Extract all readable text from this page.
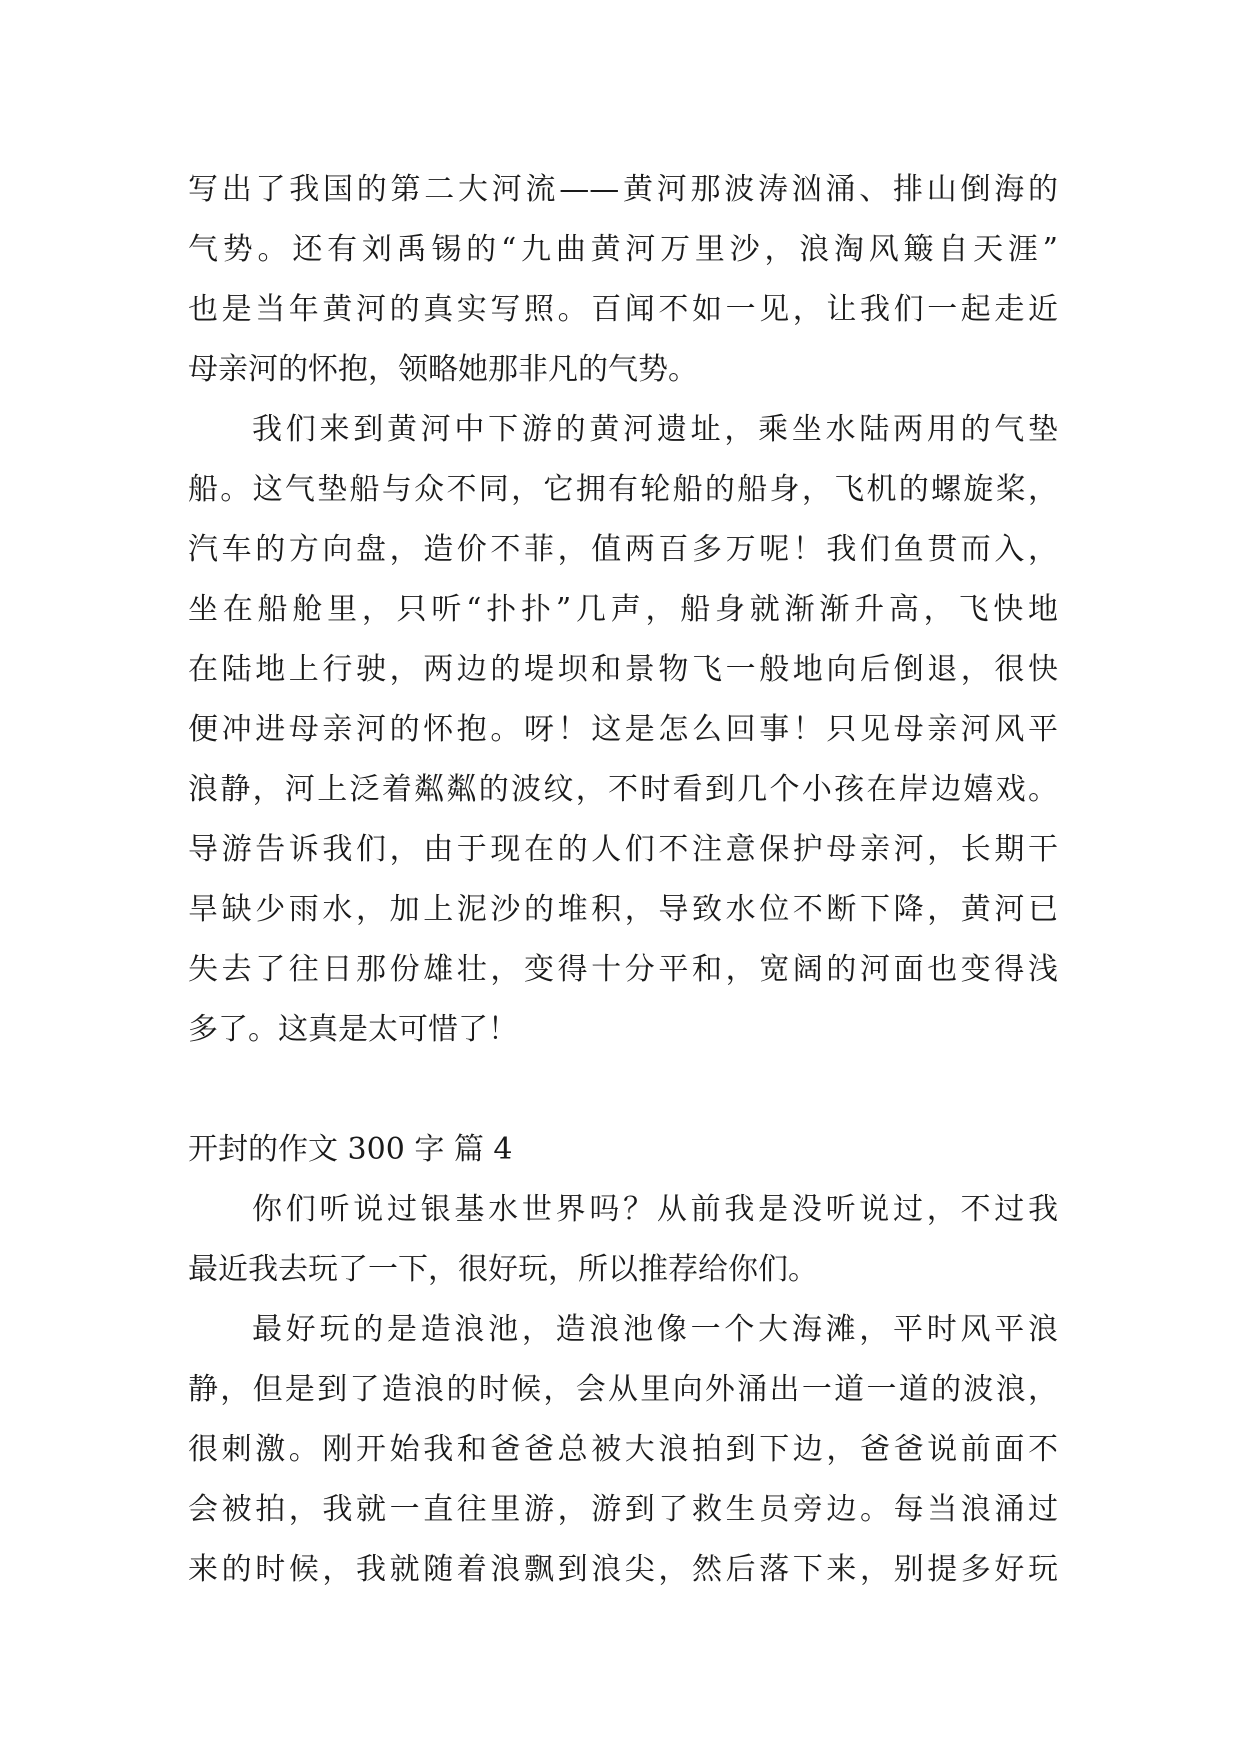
写出了我国的第二大河流——黄河那波涛汹涌、排山倒海的
气势。还有刘禹锡的“九曲黄河万里沙，浪淘风簸自天涯”
也是当年黄河的真实写照。百闻不如一见，让我们一起走近
母亲河的怀抱，领略她那非凡的气势。
我们来到黄河中下游的黄河遗址，乘坐水陆两用的气垫
船。这气垫船与众不同，它拥有轮船的船身，飞机的螺旋桨，
汽车的方向盘，造价不菲，值两百多万呢！我们鱼贯而入，
坐在船舱里，只听“扑扑”几声，船身就渐渐升高，飞快地
在陆地上行驶，两边的堤坝和景物飞一般地向后倒退，很快
便冲进母亲河的怀抱。呀！这是怎么回事！只见母亲河风平
浪静，河上泛着粼粼的波纹，不时看到几个小孩在岸边嬉戏。
导游告诉我们，由于现在的人们不注意保护母亲河，长期干
旱缺少雨水，加上泥沙的堆积，导致水位不断下降，黄河已
失去了往日那份雄壮，变得十分平和，宽阔的河面也变得浅
多了。这真是太可惜了！
开封的作文 300 字 篇 4
你们听说过银基水世界吗？从前我是没听说过，不过我
最近我去玩了一下，很好玩，所以推荐给你们。
最好玩的是造浪池，造浪池像一个大海滩，平时风平浪
静，但是到了造浪的时候，会从里向外涌出一道一道的波浪，
很刺激。刚开始我和爸爸总被大浪拍到下边，爸爸说前面不
会被拍，我就一直往里游，游到了救生员旁边。每当浪涌过
来的时候，我就随着浪飘到浪尖，然后落下来，别提多好玩
